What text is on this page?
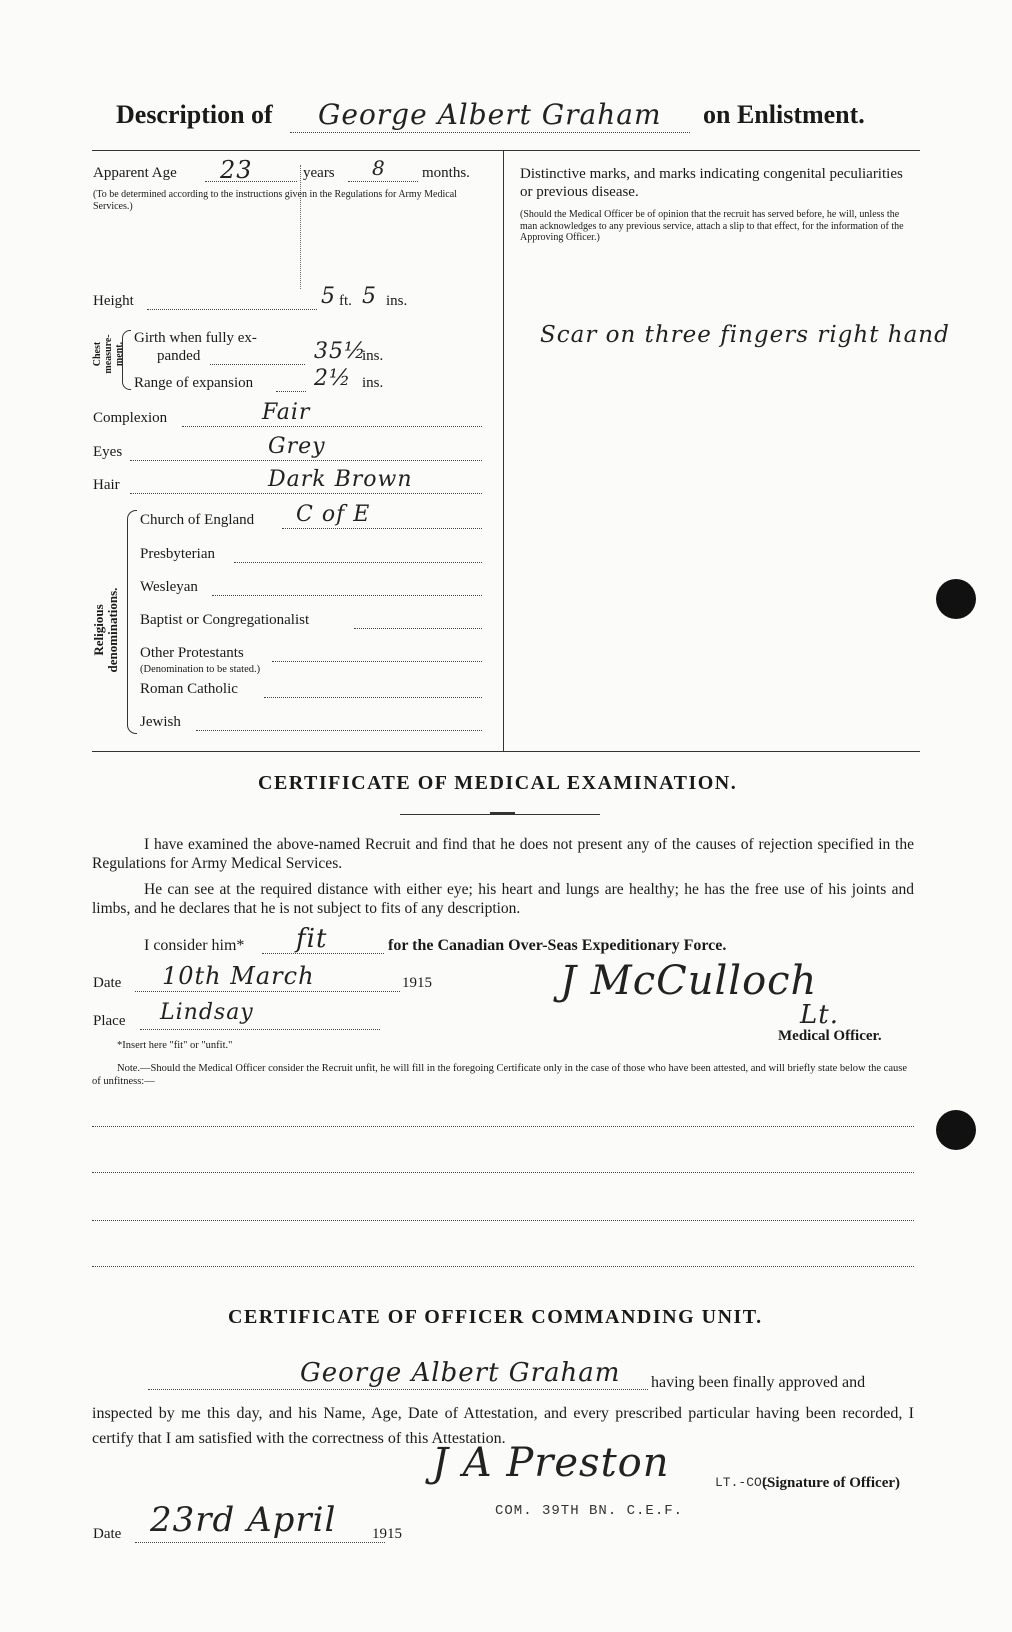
Description of George Albert Graham on Enlistment.
Apparent Age 23	years 8 months.
(To be determined according to the instructions given in the Regulations for Army Medical Services.)
Height	5 ft. 5 ins.
Chest measure- ment.
Girth when fully ex-
panded	35½
ins.
Range of expansion	2½ ins.
Complexion	Fair
Eyes	Grey
Hair	Dark Brown
Religious denominations.
Church of England C of E
Presbyterian
Wesleyan
Baptist or Congregationalist
Other Protestants
(Denomination to be stated.)
Roman Catholic
Jewish
Distinctive marks, and marks indicating congenital peculiarities or previous disease.
(Should the Medical Officer be of opinion that the recruit has served before, he will, unless the man acknowledges to any previous service, attach a slip to that effect, for the information of the Approving Officer.)
Scar on three fingers right hand
CERTIFICATE OF MEDICAL EXAMINATION.
I have examined the above-named Recruit and find that he does not present any of the causes of rejection specified in the Regulations for Army Medical Services.
He can see at the required distance with either eye; his heart and lungs are healthy; he has the free use of his joints and limbs, and he declares that he is not subject to fits of any description.
I consider him* fit	for the Canadian Over-Seas Expeditionary Force.
Date 10th March	1915
Place Lindsay
*Insert here "fit" or "unfit."
J McCulloch
Lt.
Medical Officer.
Note.—Should the Medical Officer consider the Recruit unfit, he will fill in the foregoing Certificate only in the case of those who have been attested, and will briefly state below the cause of unfitness:—
CERTIFICATE OF OFFICER COMMANDING UNIT.
George Albert Graham having been finally approved and
inspected by me this day, and his Name, Age, Date of Attestation, and every prescribed particular having been recorded, I certify that I am satisfied with the correctness of this Attestation.
J A Preston	LT.-COL.
(Signature of Officer)
COM. 39TH BN. C.E.F.
Date 23rd April 1915
